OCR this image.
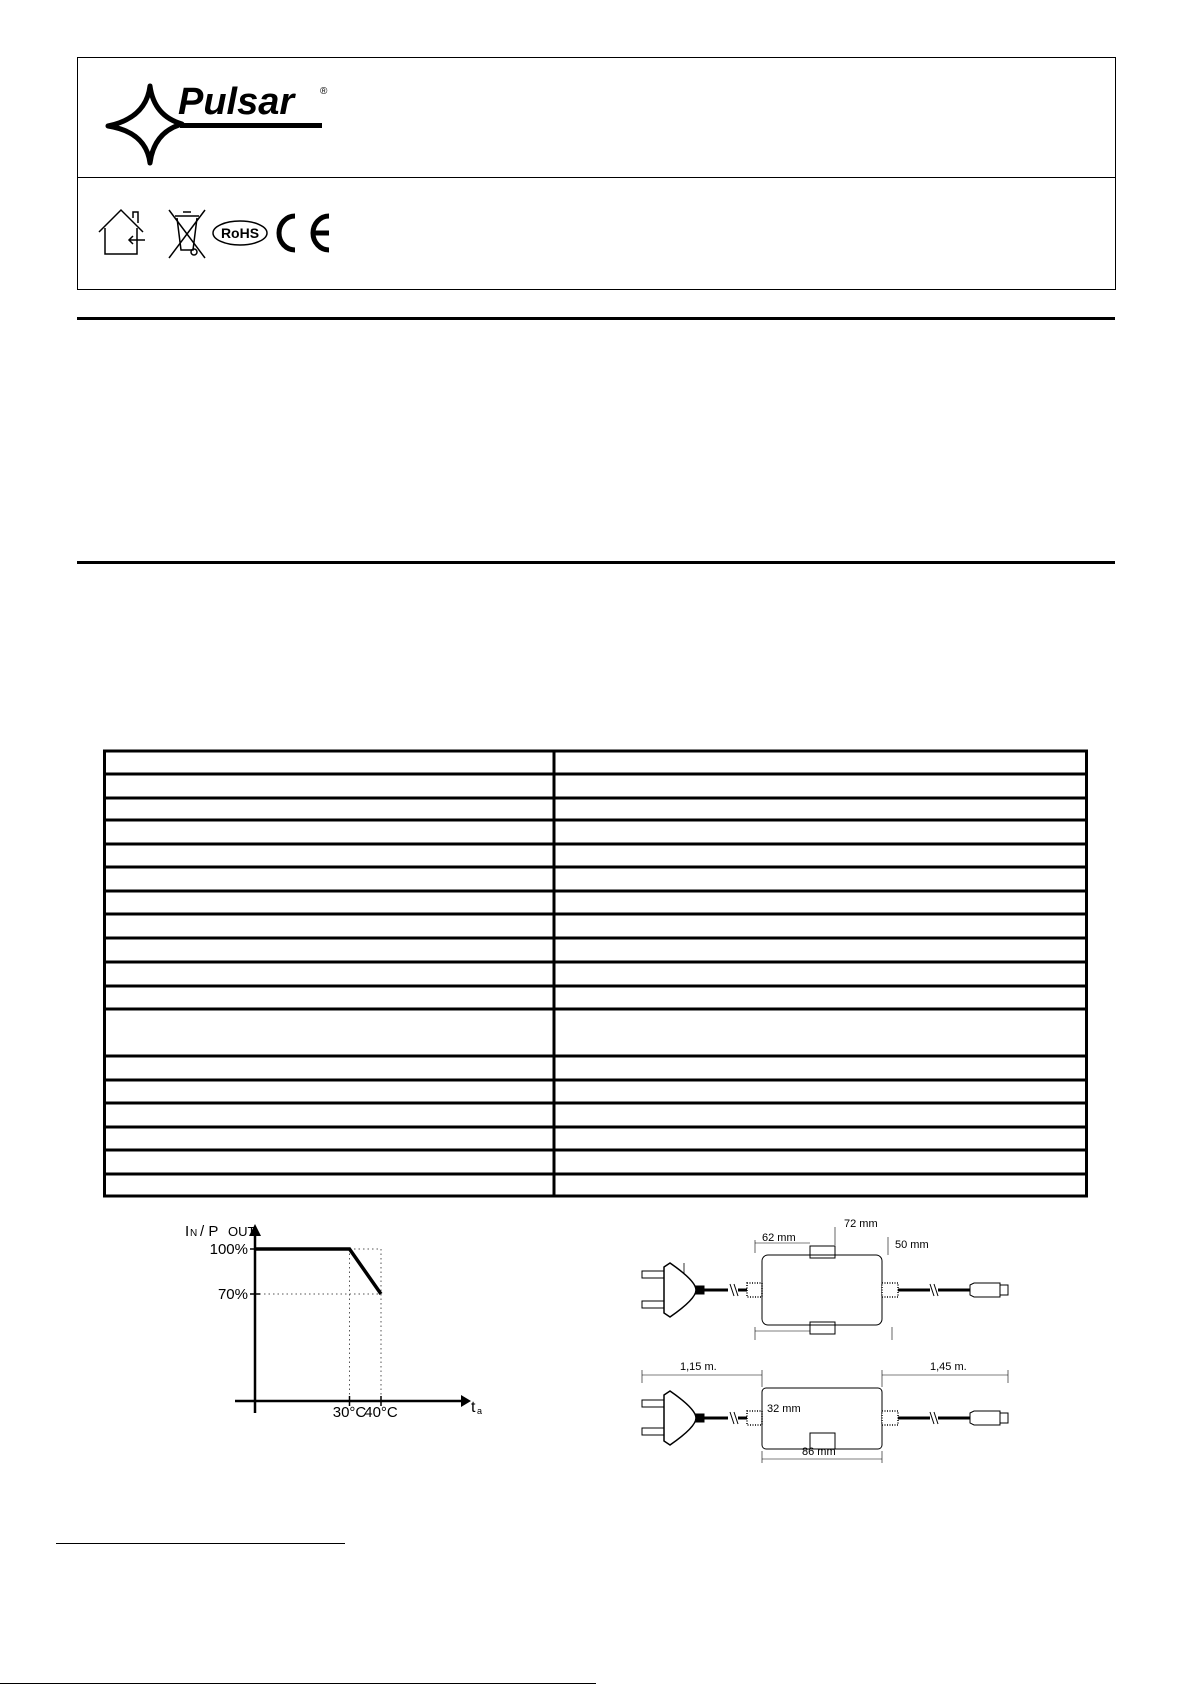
Pulsar	®
RoHS
100%
70%
30°C
40°C
I N / P OUT
t a
62 mm
72 mm
50 mm
1,15 m.	1,45 m.
32 mm
86 mm
